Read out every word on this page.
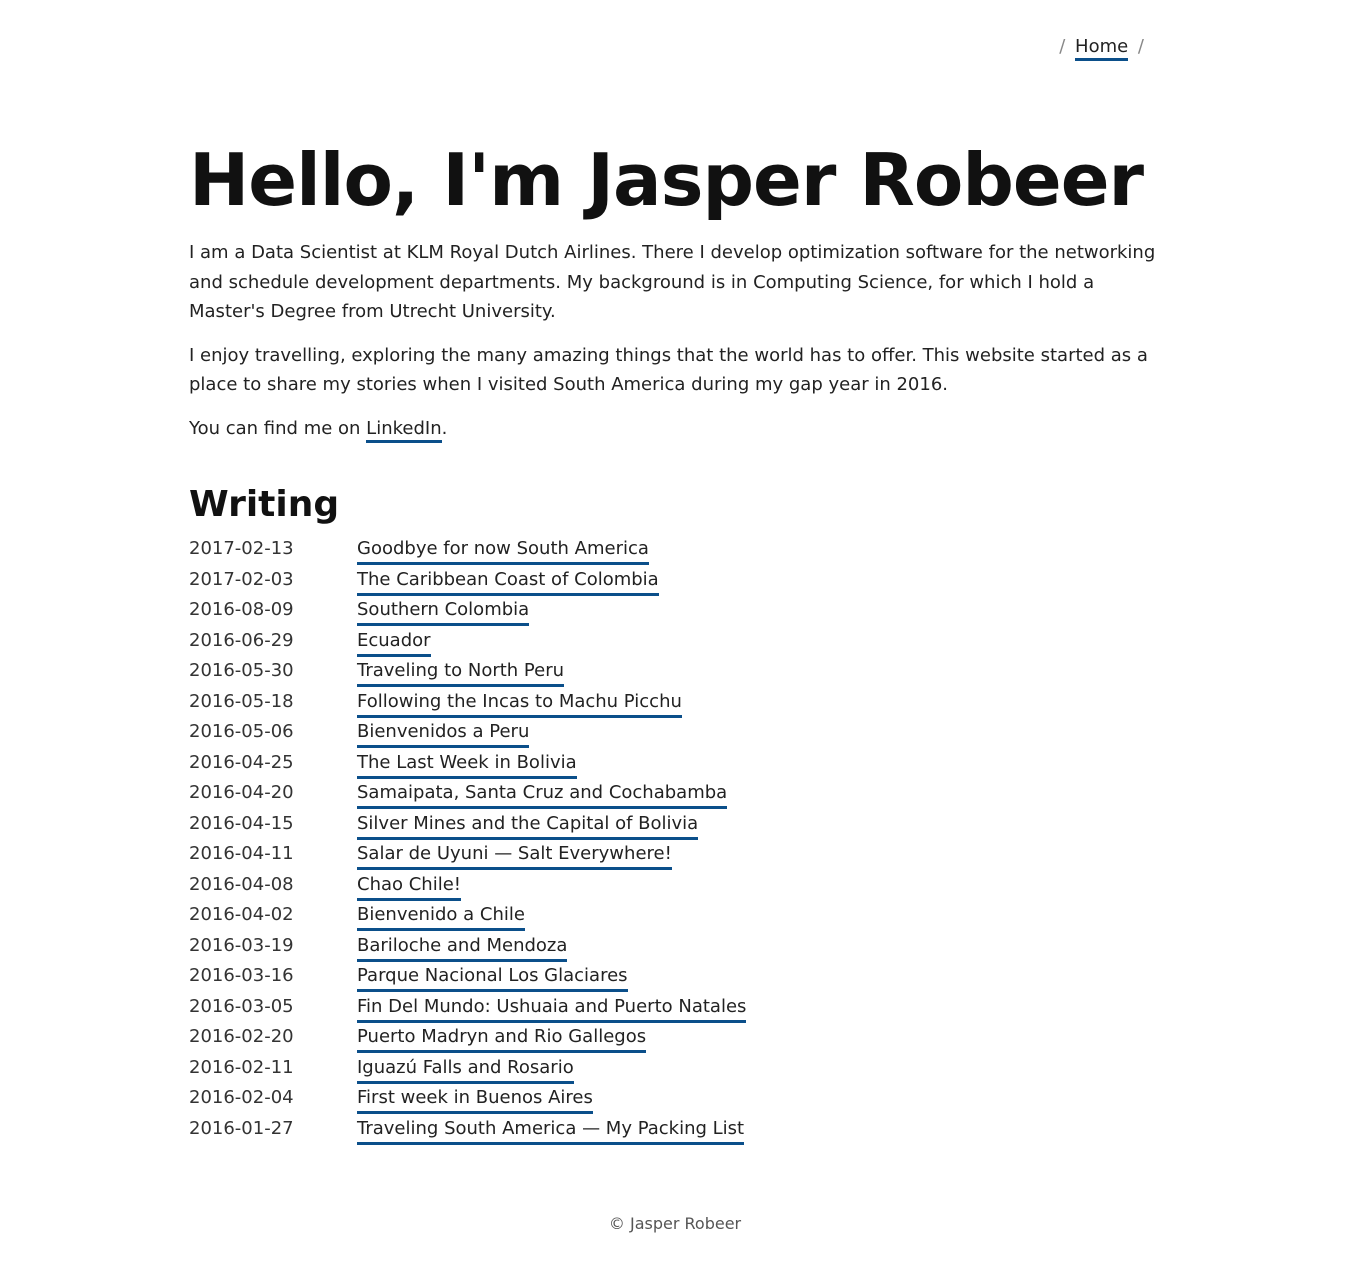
/ Home /
Hello, I'm Jasper Robeer

I am a Data Scientist at KLM Royal Dutch Airlines. There I develop optimization software for the networking and schedule development departments. My background is in Computing Science, for which I hold a Master's Degree from Utrecht University.

I enjoy travelling, exploring the many amazing things that the world has to offer. This website started as a place to share my stories when I visited South America during my gap year in 2016.

You can find me on LinkedIn.

Writing
2017-02-13	Goodbye for now South America
2017-02-03	The Caribbean Coast of Colombia
2016-08-09	Southern Colombia
2016-06-29	Ecuador
2016-05-30	Traveling to North Peru
2016-05-18	Following the Incas to Machu Picchu
2016-05-06	Bienvenidos a Peru
2016-04-25	The Last Week in Bolivia
2016-04-20	Samaipata, Santa Cruz and Cochabamba
2016-04-15	Silver Mines and the Capital of Bolivia
2016-04-11	Salar de Uyuni — Salt Everywhere!
2016-04-08	Chao Chile!
2016-04-02	Bienvenido a Chile
2016-03-19	Bariloche and Mendoza
2016-03-16	Parque Nacional Los Glaciares
2016-03-05	Fin Del Mundo: Ushuaia and Puerto Natales
2016-02-20	Puerto Madryn and Rio Gallegos
2016-02-11	Iguazú Falls and Rosario
2016-02-04	First week in Buenos Aires
2016-01-27	Traveling South America — My Packing List
© Jasper Robeer
